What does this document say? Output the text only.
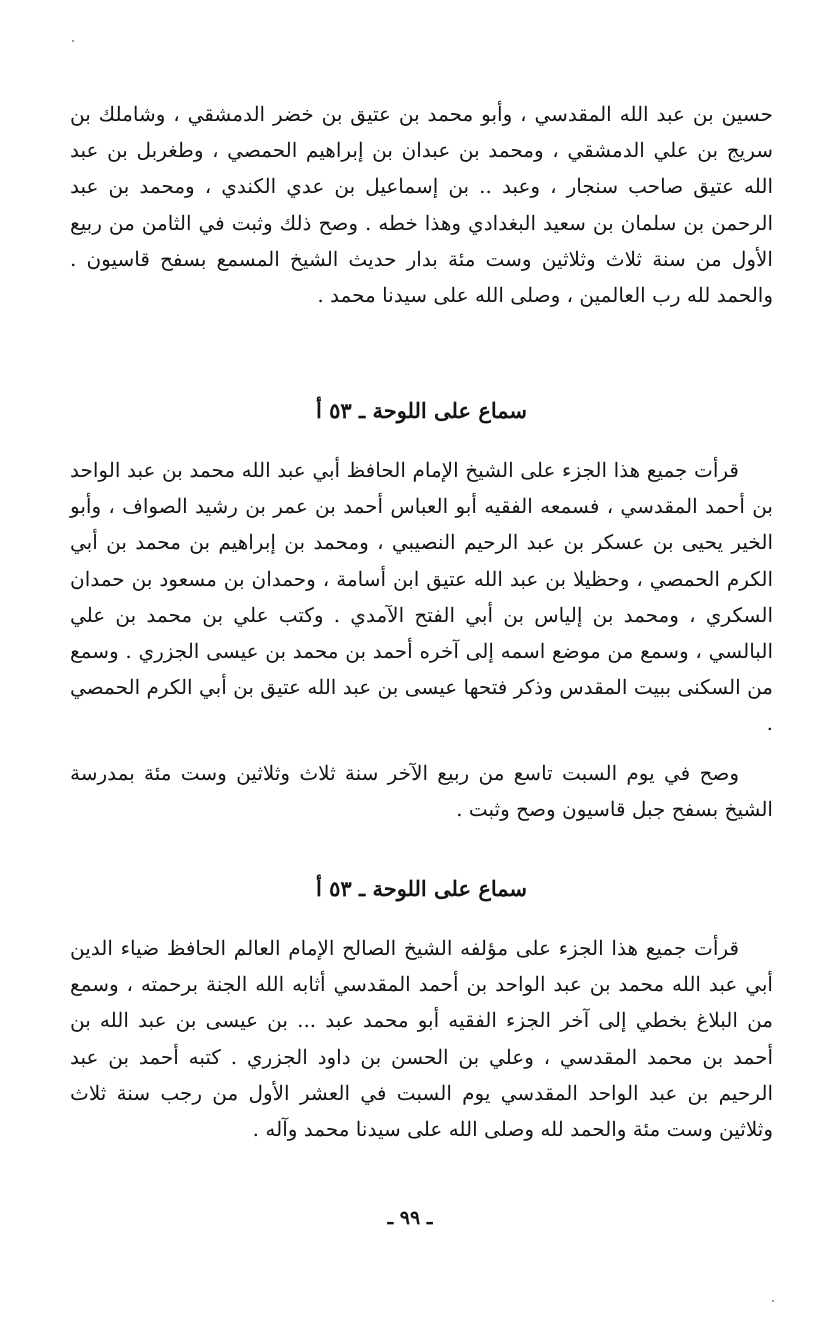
حسين بن عبد الله المقدسي ، وأبو محمد بن عتيق بن خضر الدمشقي ، وشاملك بن سريج بن علي الدمشقي ، ومحمد بن عبدان بن إبراهيم الحمصي ، وطغربل بن عبد الله عتيق صاحب سنجار ، وعبد .. بن إسماعيل بن عدي الكندي ، ومحمد بن عبد الرحمن بن سلمان بن سعيد البغدادي وهذا خطه . وصح ذلك وثبت في الثامن من ربيع الأول من سنة ثلاث وثلاثين وست مئة بدار حديث الشيخ المسمع بسفح قاسيون . والحمد لله رب العالمين ، وصلى الله على سيدنا محمد .

سماع على اللوحة ـ ٥٣ أ

قرأت جميع هذا الجزء على الشيخ الإمام الحافظ أبي عبد الله محمد بن عبد الواحد بن أحمد المقدسي ، فسمعه الفقيه أبو العباس أحمد بن عمر بن رشيد الصواف ، وأبو الخير يحيى بن عسكر بن عبد الرحيم النصيبي ، ومحمد بن إبراهيم بن محمد بن أبي الكرم الحمصي ، وحظيلا بن عبد الله عتيق ابن أسامة ، وحمدان بن مسعود بن حمدان السكري ، ومحمد بن إلياس بن أبي الفتح الآمدي . وكتب علي بن محمد بن علي البالسي ، وسمع من موضع اسمه إلى آخره أحمد بن محمد بن عيسى الجزري . وسمع من السكنى ببيت المقدس وذكر فتحها عيسى بن عبد الله عتيق بن أبي الكرم الحمصي .

وصح في يوم السبت تاسع من ربيع الآخر سنة ثلاث وثلاثين وست مئة بمدرسة الشيخ بسفح جبل قاسيون وصح وثبت .

سماع على اللوحة ـ ٥٣ أ

قرأت جميع هذا الجزء على مؤلفه الشيخ الصالح الإمام العالم الحافظ ضياء الدين أبي عبد الله محمد بن عبد الواحد بن أحمد المقدسي أثابه الله الجنة برحمته ، وسمع من البلاغ بخطي إلى آخر الجزء الفقيه أبو محمد عبد ... بن عيسى بن عبد الله بن أحمد بن محمد المقدسي ، وعلي بن الحسن بن داود الجزري . كتبه أحمد بن عبد الرحيم بن عبد الواحد المقدسي يوم السبت في العشر الأول من رجب سنة ثلاث وثلاثين وست مئة والحمد لله وصلى الله على سيدنا محمد وآله .

ـ ٩٩ ـ
